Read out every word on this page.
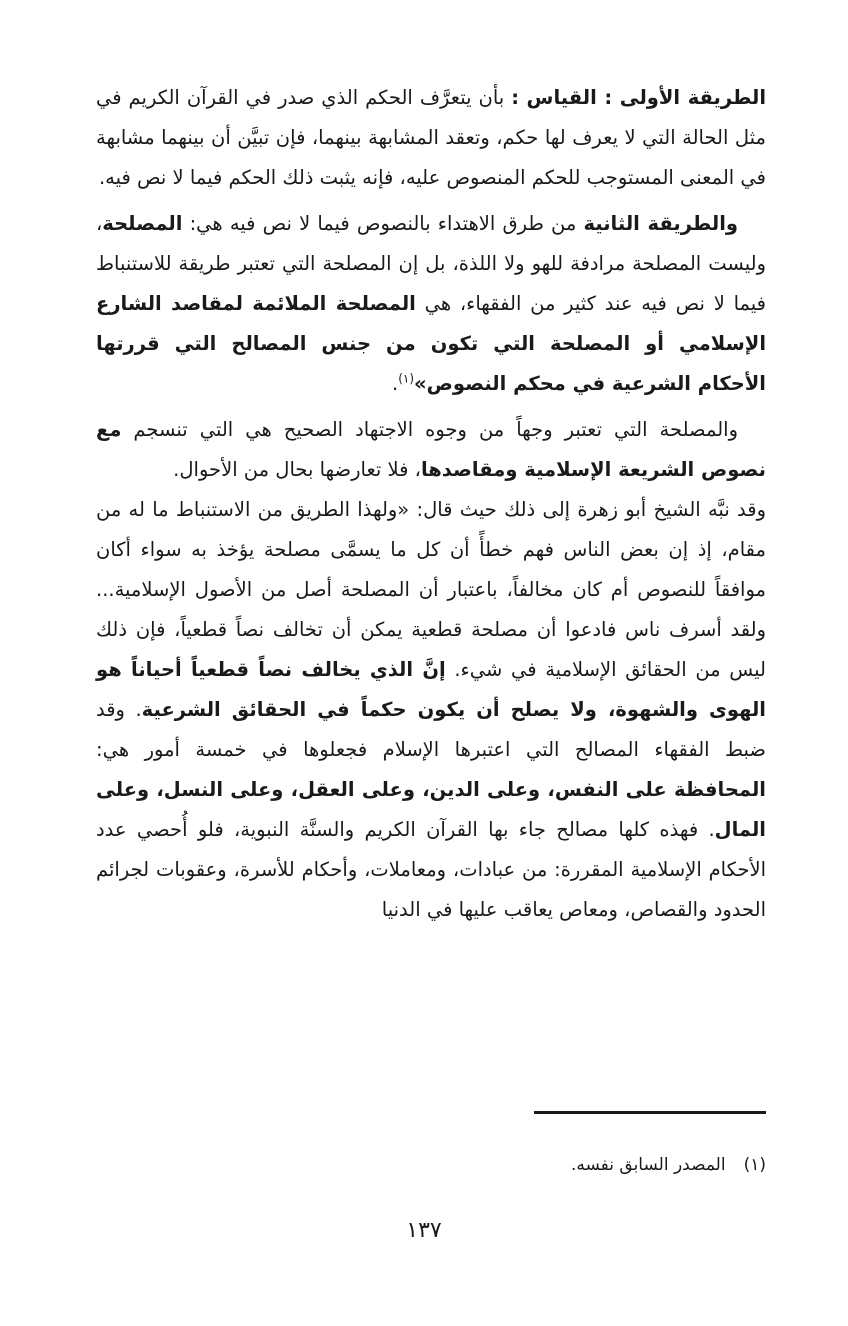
الطريقة الأولى : القياس : بأن يتعرَّف الحكم الذي صدر في القرآن الكريم في مثل الحالة التي لا يعرف لها حكم، وتعقد المشابهة بينهما، فإن تبيَّن أن بينهما مشابهة في المعنى المستوجب للحكم المنصوص عليه، فإنه يثبت ذلك الحكم فيما لا نص فيه.

والطريقة الثانية من طرق الاهتداء بالنصوص فيما لا نص فيه هي: المصلحة، وليست المصلحة مرادفة للهو ولا اللذة، بل إن المصلحة التي تعتبر طريقة للاستنباط فيما لا نص فيه عند كثير من الفقهاء، هي المصلحة الملائمة لمقاصد الشارع الإسلامي أو المصلحة التي تكون من جنس المصالح التي قررتها الأحكام الشرعية في محكم النصوص»$^{(١)}$.

والمصلحة التي تعتبر وجهاً من وجوه الاجتهاد الصحيح هي التي تنسجم مع نصوص الشريعة الإسلامية ومقاصدها، فلا تعارضها بحال من الأحوال.

وقد نبَّه الشيخ أبو زهرة إلى ذلك حيث قال: «ولهذا الطريق من الاستنباط ما له من مقام، إذ إن بعض الناس فهم خطأً أن كل ما يسمَّى مصلحة يؤخذ به سواء أكان موافقاً للنصوص أم كان مخالفاً، باعتبار أن المصلحة أصل من الأصول الإسلامية... ولقد أسرف ناس فادعوا أن مصلحة قطعية يمكن أن تخالف نصاً قطعياً، فإن ذلك ليس من الحقائق الإسلامية في شيء. إنَّ الذي يخالف نصاً قطعياً أحياناً هو الهوى والشهوة، ولا يصلح أن يكون حكماً في الحقائق الشرعية. وقد ضبط الفقهاء المصالح التي اعتبرها الإسلام فجعلوها في خمسة أمور هي: المحافظة على النفس، وعلى الدين، وعلى العقل، وعلى النسل، وعلى المال. فهذه كلها مصالح جاء بها القرآن الكريم والسنَّة النبوية، فلو أُحصي عدد الأحكام الإسلامية المقررة: من عبادات، ومعاملات، وأحكام للأسرة، وعقوبات لجرائم الحدود والقصاص، ومعاص يعاقب عليها في الدنيا

(١)المصدر السابق نفسه.
١٣٧
